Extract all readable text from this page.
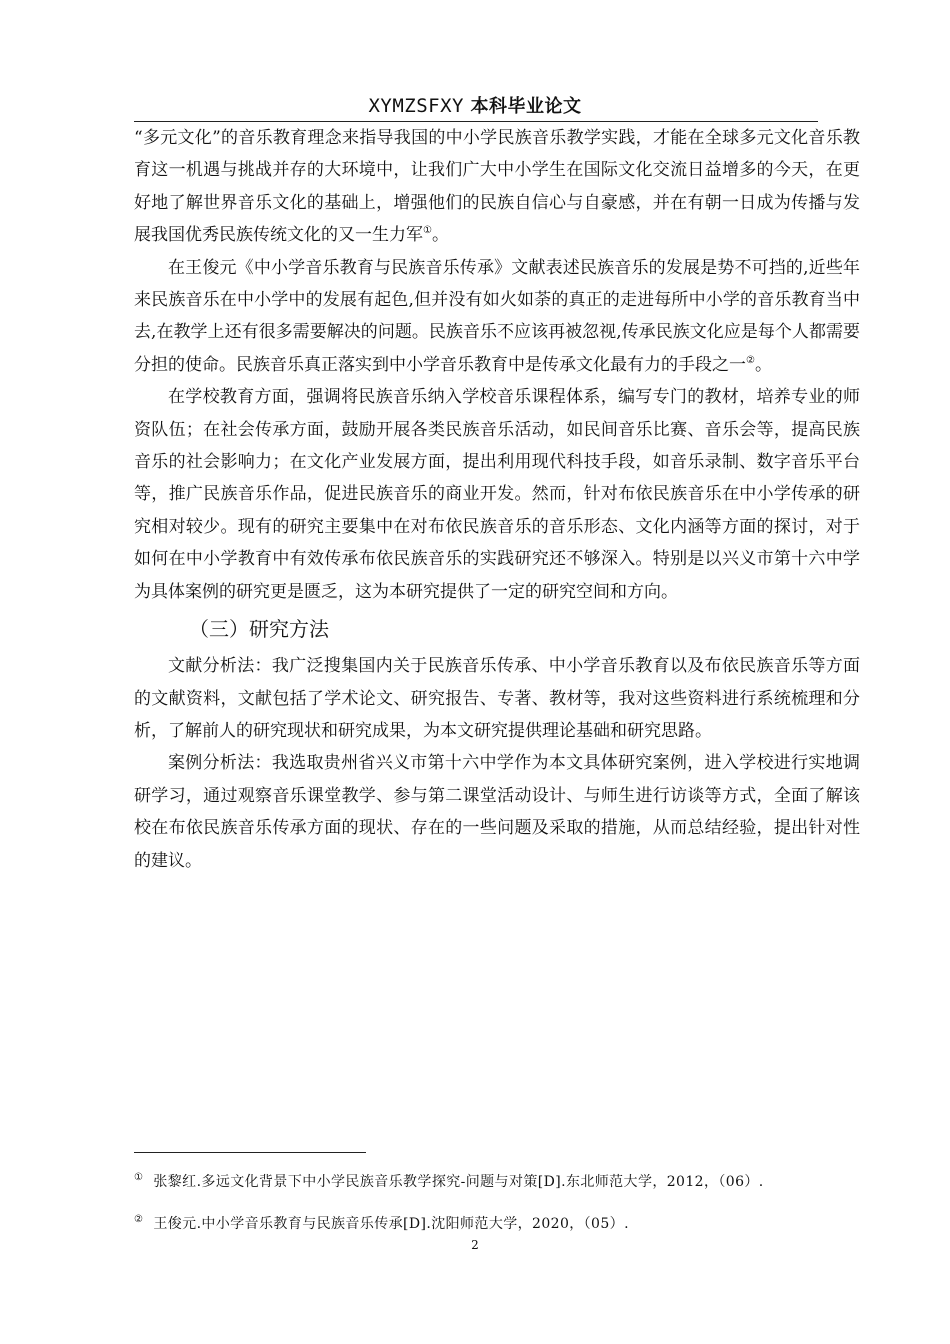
XYMZSFXY 本科毕业论文

“多元文化”的音乐教育理念来指导我国的中小学民族音乐教学实践，才能在全球多元文化音乐教育这一机遇与挑战并存的大环境中，让我们广大中小学生在国际文化交流日益增多的今天，在更好地了解世界音乐文化的基础上，增强他们的民族自信心与自豪感，并在有朝一日成为传播与发展我国优秀民族传统文化的又一生力军①。

在王俊元《中小学音乐教育与民族音乐传承》文献表述民族音乐的发展是势不可挡的,近些年来民族音乐在中小学中的发展有起色,但并没有如火如荼的真正的走进每所中小学的音乐教育当中去,在教学上还有很多需要解决的问题。民族音乐不应该再被忽视,传承民族文化应是每个人都需要分担的使命。民族音乐真正落实到中小学音乐教育中是传承文化最有力的手段之一②。

在学校教育方面，强调将民族音乐纳入学校音乐课程体系，编写专门的教材，培养专业的师资队伍；在社会传承方面，鼓励开展各类民族音乐活动，如民间音乐比赛、音乐会等，提高民族音乐的社会影响力；在文化产业发展方面，提出利用现代科技手段，如音乐录制、数字音乐平台等，推广民族音乐作品，促进民族音乐的商业开发。然而，针对布依民族音乐在中小学传承的研究相对较少。现有的研究主要集中在对布依民族音乐的音乐形态、文化内涵等方面的探讨，对于如何在中小学教育中有效传承布依民族音乐的实践研究还不够深入。特别是以兴义市第十六中学为具体案例的研究更是匮乏，这为本研究提供了一定的研究空间和方向。

（三）研究方法

文献分析法：我广泛搜集国内关于民族音乐传承、中小学音乐教育以及布依民族音乐等方面的文献资料，文献包括了学术论文、研究报告、专著、教材等，我对这些资料进行系统梳理和分析，了解前人的研究现状和研究成果，为本文研究提供理论基础和研究思路。

案例分析法：我选取贵州省兴义市第十六中学作为本文具体研究案例，进入学校进行实地调研学习，通过观察音乐课堂教学、参与第二课堂活动设计、与师生进行访谈等方式，全面了解该校在布依民族音乐传承方面的现状、存在的一些问题及采取的措施，从而总结经验，提出针对性的建议。

① 张黎红.多远文化背景下中小学民族音乐教学探究-问题与对策[D].东北师范大学，2012，（06）.
② 王俊元.中小学音乐教育与民族音乐传承[D].沈阳师范大学，2020，（05）.
2
